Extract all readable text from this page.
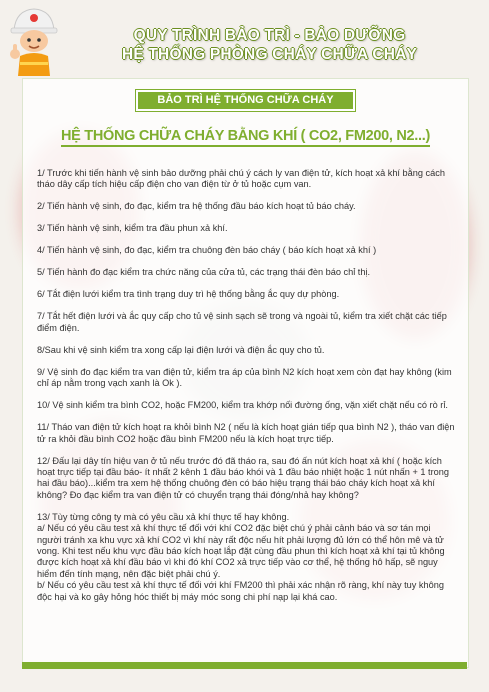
QUY TRÌNH BẢO TRÌ - BẢO DƯỠNG
HỆ THỐNG PHÒNG CHÁY CHỮA CHÁY
BẢO TRÌ HỆ THỐNG CHỮA CHÁY
HỆ THỐNG CHỮA CHÁY BẰNG KHÍ ( CO2, FM200, N2...)

1/ Trước khi tiến hành vệ sinh bảo dưỡng phải chú ý cách ly van điện tử, kích hoạt xả khí bằng cách tháo dây cấp tích hiệu cấp điện cho van điện từ ở tủ hoặc cụm van.

2/ Tiến hành vệ sinh, đo đạc, kiểm tra hệ thống đầu báo kích hoạt tủ báo cháy.

3/ Tiến hành vệ sinh, kiểm tra đầu phun xả khí.

4/ Tiến hành vệ sinh, đo đạc, kiểm tra chuông đèn báo cháy ( báo kích hoạt xả khí )

5/ Tiến hành đo đạc kiểm tra chức năng của cửa tủ, các trạng thái đèn báo chỉ thị.

6/ Tắt điện lưới kiểm tra tình trạng duy trì hệ thống bằng ắc quy dự phòng.

7/ Tắt hết điện lưới và ắc quy cấp cho tủ vệ sinh sạch sẽ trong và ngoài tủ, kiểm tra xiết chặt các tiếp điểm điện.

8/Sau khi vệ sinh kiểm tra xong cấp lại điện lưới và điện ắc quy cho tủ.

9/ Vệ sinh đo đạc kiểm tra van điện tử, kiểm tra áp của bình N2 kích hoạt xem còn đạt hay không (kim chỉ áp nằm trong vạch xanh là Ok ).

10/ Vệ sinh kiểm tra bình CO2, hoặc FM200, kiểm tra khớp nối đường ống, vặn xiết chặt nếu có rò rỉ.

11/ Tháo van điện tử kích hoạt ra khỏi bình N2 ( nếu là kích hoạt gián tiếp qua bình N2 ), tháo van điện tử ra khỏi đầu bình CO2 hoặc đầu bình FM200 nếu là kích hoạt trực tiếp.

12/ Đấu lại dây tín hiệu van ở tủ nếu trước đó đã tháo ra, sau đó ấn nút kích hoạt xả khí ( hoặc kích hoạt trực tiếp tại đầu báo- ít nhất 2 kênh 1 đầu báo khói và 1 đầu báo nhiệt hoặc 1 nút nhấn + 1 trong hai đầu báo)...kiểm tra xem hệ thống chuông đèn có báo hiệu trạng thái báo cháy kích hoạt xả khí không? Đo đạc kiểm tra van điện tử có chuyển trạng thái đóng/nhả hay không?

13/ Tùy từng công ty mà có yêu cầu xả khí thực tế hay không.
a/ Nếu có yêu cầu test xả khí thực tế đối với khí CO2 đặc biệt chú ý phải cảnh báo và sơ tán mọi người tránh xa khu vực xả khí CO2 vì khí này rất độc nếu hít phải lượng đủ lớn có thể hôn mê và tử vong. Khi test nếu khu vực đầu báo kích hoạt lắp đặt cùng đầu phun thì kích hoạt xả khí tại tủ không được kích hoạt xả khí đầu báo vì khi đó khí CO2 xả trực tiếp vào cơ thể, hệ thống hô hấp, sẽ nguy hiểm đến tính mạng, nên đặc biệt phải chú ý.
b/ Nếu có yêu cầu test xả khí thực tế đối với khí FM200 thì phải xác nhận rõ ràng, khí này tuy không độc hại và ko gây hỏng hóc thiết bị máy móc song chi phí nạp lại khá cao.
